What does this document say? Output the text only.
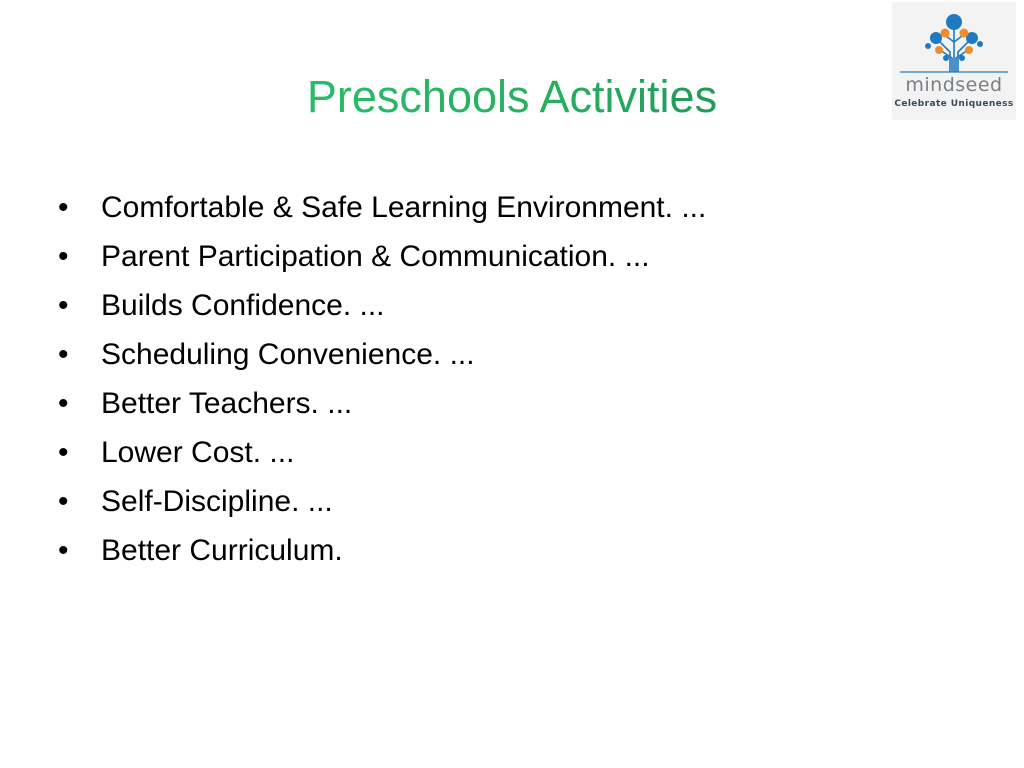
Preschools Activities	mindseed
Celebrate Uniqueness
•	Comfortable & Safe Learning Environment. ...
•	Parent Participation & Communication. ...
•	Builds Confidence. ...
•	Scheduling Convenience. ...
•	Better Teachers. ...
•	Lower Cost. ...
•	Self-Discipline. ...
•	Better Curriculum.
